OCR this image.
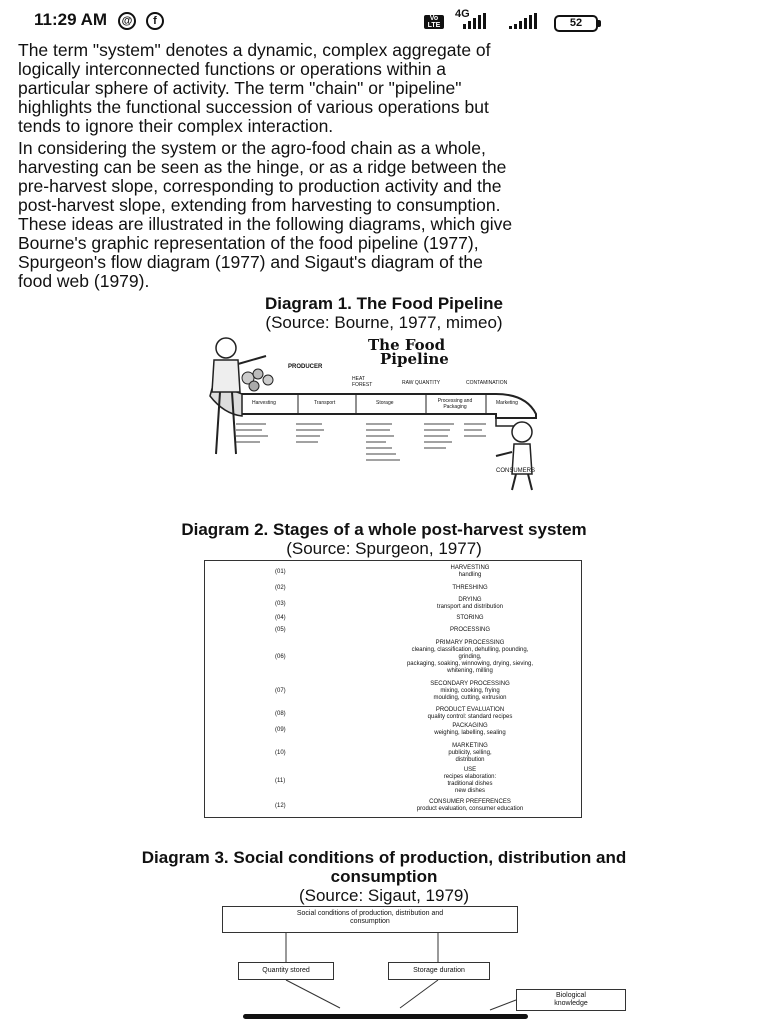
11:29 AM	@	f	Vo
LTE
4G
52

The term "system" denotes a dynamic, complex aggregate of
logically interconnected functions or operations within a
particular sphere of activity. The term "chain" or "pipeline"
highlights the functional succession of various operations but
tends to ignore their complex interaction.

In considering the system or the agro-food chain as a whole,
harvesting can be seen as the hinge, or as a ridge between the
pre-harvest slope, corresponding to production activity and the
post-harvest slope, extending from harvesting to consumption.
These ideas are illustrated in the following diagrams, which give
Bourne's graphic representation of the food pipeline (1977),
Spurgeon's flow diagram (1977) and Sigaut's diagram of the
food web (1979).

Diagram 1. The Food Pipeline
(Source: Bourne, 1977, mimeo)
The Food
Pipeline
PRODUCER
HEAT
FOREST	RAW QUANTITY	CONTAMINATION
Harvesting	Transport	Storage	Processing and Packaging
Marketing
CONSUMERS
Diagram 2. Stages of a whole post-harvest system
(Source: Spurgeon, 1977)
(01)
HARVESTING
handling
(02)	THRESHING
(03)
DRYING
transport and distribution
(04)	STORING
(05)	PROCESSING
(06)
PRIMARY PROCESSING
cleaning, classification, dehulling, pounding,
grinding,
packaging, soaking, winnowing, drying, sieving,
whitening, milling
(07)
SECONDARY PROCESSING
mixing, cooking, frying
moulding, cutting, extrusion
(08)
PRODUCT EVALUATION
quality control: standard recipes
(09)
PACKAGING
weighing, labelling, sealing
(10)
MARKETING
publicity, selling,
distribution
(11)
USE
recipes elaboration:
traditional dishes
new dishes
(12)
CONSUMER PREFERENCES
product evaluation, consumer education
Diagram 3. Social conditions of production, distribution and
consumption
(Source: Sigaut, 1979)
Social conditions of production, distribution and
consumption
Quantity stored	Storage duration
Biological
knowledge
